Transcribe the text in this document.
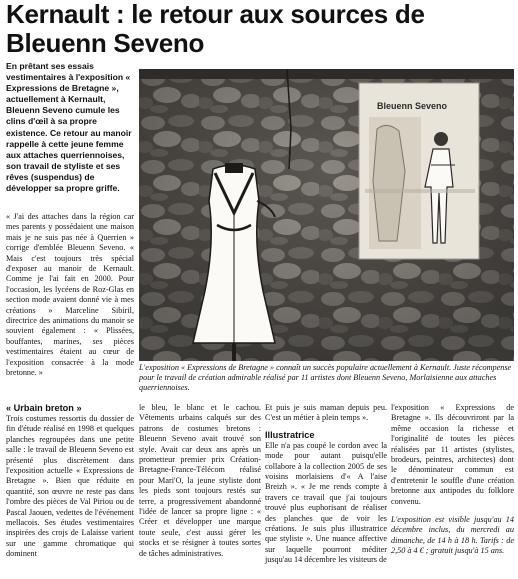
Kernault : le retour aux sources de Bleuenn Seveno

En prêtant ses essais vestimentaires à l'exposition « Expressions de Bretagne », actuellement à Kernault, Bleuenn Seveno cumule les clins d'œil à sa propre existence. Ce retour au manoir rappelle à cette jeune femme aux attaches querriennoises, son travail de styliste et ses rêves (suspendus) de développer sa propre griffe.

« J'ai des attaches dans la région car mes parents y possédaient une maison mais je ne suis pas née à Querrien » corrige d'emblée Bleuenn Seveno. « Mais c'est toujours très spécial d'exposer au manoir de Kernault. Comme je l'ai fait en 2000. Pour l'occasion, les lycéens de Roz-Glas en section mode avaient donné vie à mes créations » Marceline Sibiril, directrice des animations du manoir se souvient également : « Plissées, bouffantes, marines, ses pièces vestimentaires étaient au cœur de l'exposition consacrée à la mode bretonne. »

Bleuenn Seveno

L'exposition « Expressions de Bretagne » connaît un succès populaire actuellement à Kernault. Juste récompense pour le travail de création admirable réalisé par 11 artistes dont Bleuenn Seveno, Morlaisienne aux attaches querriennoises.

« Urbain breton »

Trois costumes ressortis du dossier de fin d'étude réalisé en 1998 et quelques planches regroupées dans une petite salle : le travail de Bleuenn Seveno est présenté plus discrètement dans l'exposition actuelle « Expressions de Bretagne ». Bien que réduite en quantité, son œuvre ne reste pas dans l'ombre des pièces de Val Piriou ou de Pascal Jaouen, vedettes de l'événement mellacois. Ses études vestimentaires inspirées des crojs de Lalaisse varient sur une gamme chromatique qui dominent

le bleu, le blanc et le cachou. Vêtements urbains calqués sur des patrons de costumes bretons : Bleuenn Seveno avait trouvé son style. Avait car deux ans après un prometteur premier prix Création-Bretagne-France-Télécom réalisé pour Mari'O, la jeune styliste dont les pieds sont toujours restés sur terre, a progressivement abandonné l'idée de lancer sa propre ligne : « Créer et développer une marque toute seule, c'est aussi gérer les stocks et se résigner à toutes sortes de tâches administratives.

Et puis je suis maman depuis peu. C'est un métier à plein temps ».

Illustratrice

Elle n'a pas coupé le cordon avec la mode pour autant puisqu'elle collabore à la collection 2005 de ses voisins morlaisiens d'« A l'aise Breizh ». « Je me rends compte à travers ce travail que j'ai toujours trouvé plus euphorisant de réaliser des planches que de voir les créations. Je suis plus illustratrice que styliste ». Une nuance affective sur laquelle pourront méditer jusqu'au 14 décembre les visiteurs de

l'exposition « Expressions de Bretagne ». Ils découvriront par la même occasion la richesse et l'originalité de toutes les pièces réalisées par 11 artistes (stylistes, brodeurs, peintres, architectes) dont le dénominateur commun est d'entretenir le souffle d'une création bretonne aux antipodes du folklore convenu.

L'exposition est visible jusqu'au 14 décembre inclus, du mercredi au dimanche, de 14 h à 18 h. Tarifs : de 2,50 à 4 € ; gratuit jusqu'à 15 ans.
